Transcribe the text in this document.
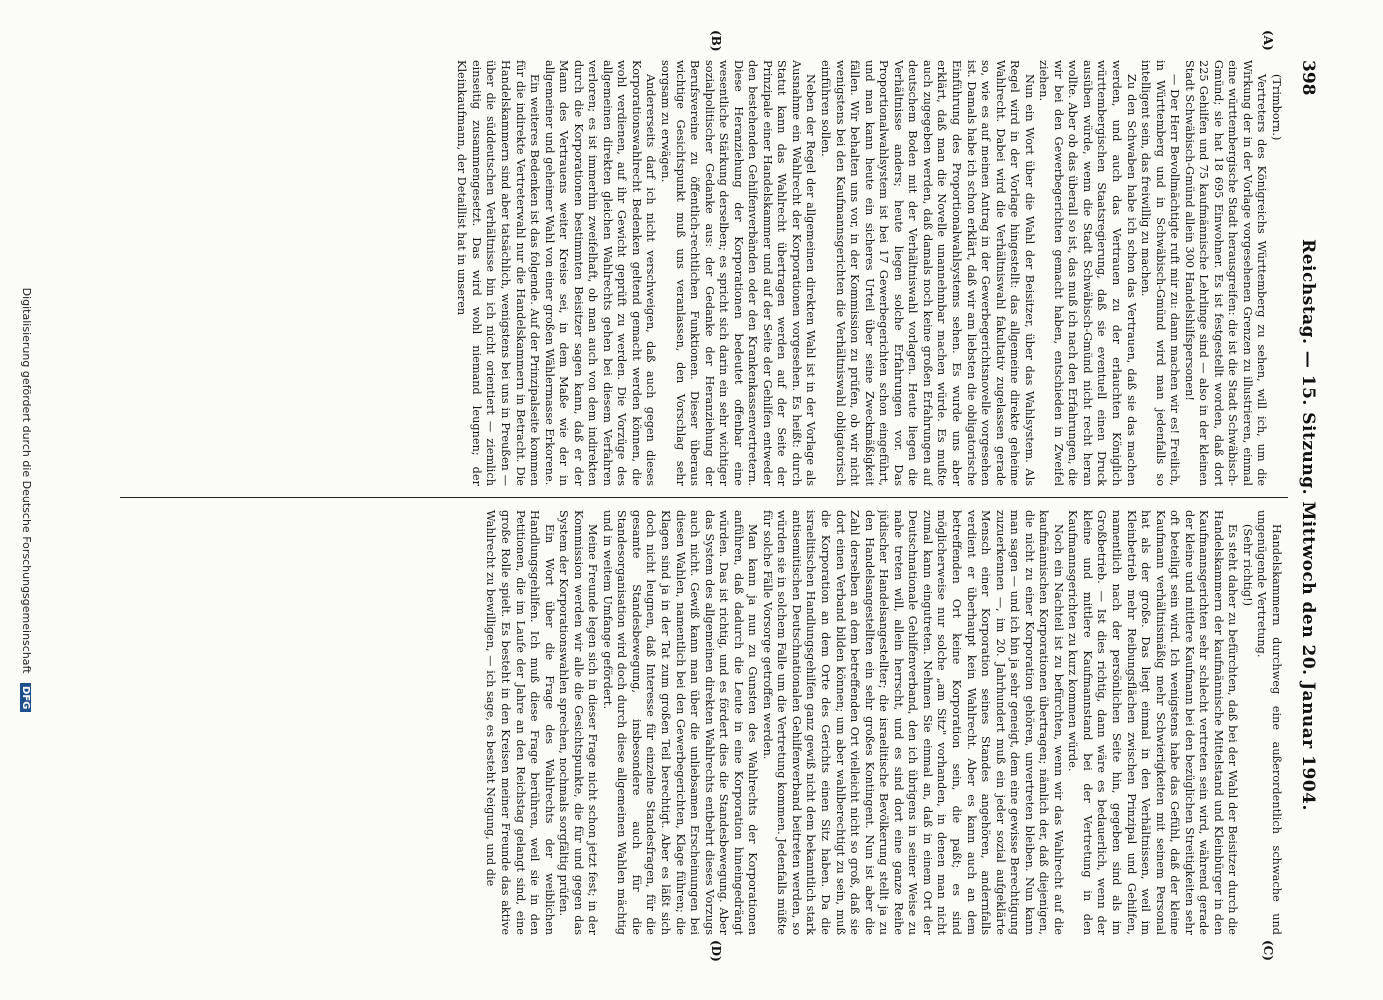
398
Reichstag. — 15. Sitzung. Mittwoch den 20. Januar 1904.

(Trimborn.)

Vertreters des Königreichs Württemberg zu sehen, will ich, um die Wirkung der in der Vorlage vorgesehenen Grenzen zu illustrieren, einmal eine württembergische Stadt herausgreifen: die ist die Stadt Schwäbisch-Gmünd; sie hat 18 695 Einwohner. Es ist festgestellt worden, daß dort 225 Gehilfen und 75 kaufmännische Lehrlinge sind — also in der kleinen Stadt Schwäbisch-Gmünd allein 300 Handelshilfspersonen!

— Der Herr Bevollmächtigte ruft mir zu: dann machen wir es! Freilich, in Württemberg und in Schwäbisch-Gmünd wird man jedenfalls so intelligent sein, das freiwillig zu machen.

Zu den Schwaben habe ich schon das Vertrauen, daß sie das machen werden, und auch das Vertrauen zu der erlauchten Königlich württembergischen Staatsregierung, daß sie eventuell einen Druck ausüben würde, wenn die Stadt Schwäbisch-Gmünd nicht recht heran wollte. Aber ob das überall so ist, das muß ich nach den Erfahrungen, die wir bei den Gewerbegerichten gemacht haben, entschieden in Zweifel ziehen.

Nun ein Wort über die Wahl der Beisitzer, über das Wahlsystem. Als Regel wird in der Vorlage hingestellt: das allgemeine direkte geheime Wahlrecht. Dabei wird die Verhältniswahl fakultativ zugelassen gerade so, wie es auf meinen Antrag in der Gewerbegerichtsnovelle vorgesehen ist. Damals habe ich schon erklärt, daß wir am liebsten die obligatorische Einführung des Proportionalwahlsystems sehen. Es wurde uns aber erklärt, daß man die Novelle unannehmbar machen würde. Es mußte auch zugegeben werden, daß damals noch keine großen Erfahrungen auf deutschem Boden mit der Verhältniswahl vorlagen. Heute liegen die Verhältnisse anders; heute liegen solche Erfahrungen vor. Das Proportionalwahlsystem ist bei 17 Gewerbegerichten schon eingeführt, und man kann heute ein sicheres Urteil über seine Zweckmäßigkeit fällen. Wir behalten uns vor, in der Kommission zu prüfen, ob wir nicht wenigstens bei den Kaufmannsgerichten die Verhältniswahl obligatorisch einführen sollen.

Neben der Regel der allgemeinen direkten Wahl ist in der Vorlage als Ausnahme ein Wahlrecht der Korporationen vorgesehen. Es heißt: durch Statut kann das Wahlrecht übertragen werden auf der Seite der Prinzipale einer Handelskammer und auf der Seite der Gehilfen entweder den bestehenden Gehilfenverbänden oder den Krankenkassenvertretern. Diese Heranziehung der Korporationen bedeutet offenbar eine wesentliche Stärkung derselben; es spricht sich darin ein sehr wichtiger sozialpolitischer Gedanke aus: der Gedanke der Heranziehung der Berufsvereine zu öffentlich-rechtlichen Funktionen. Dieser überaus wichtige Gesichtspunkt muß uns veranlassen, den Vorschlag sehr sorgsam zu erwägen.

Andererseits darf ich nicht verschweigen, daß auch gegen dieses Korporationswahlrecht Bedenken geltend gemacht werden können, die wohl verdienen, auf ihr Gewicht geprüft zu werden. Die Vorzüge des allgemeinen direkten gleichen Wahlrechts gehen bei diesem Verfahren verloren; es ist immerhin zweifelhaft, ob man auch von dem indirekten durch die Korporationen bestimmten Beisitzer sagen kann, daß er der Mann des Vertrauens weiter Kreise sei, in dem Maße wie der in allgemeiner und geheimer Wahl von einer großen Wählermasse Erkorene.

Ein weiteres Bedenken ist das folgende. Auf der Prinzipalseite kommen für die indirekte Vertreterwahl nur die Handelskammern in Betracht. Die Handelskammern sind aber tatsächlich, wenigstens bei uns in Preußen — über die süddeutschen Verhältnisse bin ich nicht orientiert — ziemlich einseitig zusammengesetzt. Das wird wohl niemand leugnen; der Kleinkaufmann, der Detaillist hat in unseren

Handelskammern durchweg eine außerordentlich schwache und ungenügende Vertretung.

(Sehr richtig!)

Es steht daher zu befürchten, daß bei der Wahl der Beisitzer durch die Handelskammern der kaufmännische Mittelstand und Kleinbürger in den Kaufmannsgerichten sehr schlecht vertreten sein wird, während gerade der kleine und mittlere Kaufmann bei den bezüglichen Streitigkeiten sehr oft beteiligt sein wird. Ich wenigstens habe das Gefühl, daß der kleine Kaufmann verhältnismäßig mehr Schwierigkeiten mit seinem Personal hat als der große. Das liegt einmal in den Verhältnissen, weil im Kleinbetrieb mehr Reibungsflächen zwischen Prinzipal und Gehilfen, namentlich nach der persönlichen Seite hin, gegeben sind als im Großbetrieb. — Ist dies richtig, dann wäre es bedauerlich, wenn der kleine und mittlere Kaufmannstand bei der Vertretung in den Kaufmannsgerichten zu kurz kommen würde.

Noch ein Nachteil ist zu befürchten, wenn wir das Wahlrecht auf die kaufmännischen Korporationen übertragen; nämlich der, daß diejenigen, die nicht zu einer Korporation gehören, unvertreten bleiben. Nun kann man sagen — und ich bin ja sehr geneigt, dem eine gewisse Berechtigung zuzuerkennen —, im 20. Jahrhundert muß ein jeder sozial aufgeklärte Mensch einer Korporation seines Standes angehören, andernfalls verdient er überhaupt kein Wahlrecht. Aber es kann auch an dem betreffenden Ort keine Korporation sein, die paßt; es sind möglicherweise nur solche „am Sitz" vorhanden, in denen man nicht zumal kann eingutreten. Nehmen Sie einmal an, daß in einem Ort der Deutschnationale Gehilfenverband, den ich übrigens in seiner Weise zu nahe treten will, allein herrscht, und es sind dort eine ganze Reihe jüdischer Handelsangestellter; die israelitische Bevölkerung stellt ja zu den Handelsangestellten ein sehr großes Kontingent. Nun ist aber die Zahl derselben an dem betreffenden Ort vielleicht nicht so groß, daß sie dort einen Verband bilden können; um aber wahlberechtigt zu sein, muß die Korporation an dem Orte des Gerichts einen Sitz haben. Da die israelitischen Handlungsgehilfen ganz gewiß nicht dem bekanntlich stark antisemitischen Deutschnationalen Gehilfenverband beitreten werden, so würden sie in solchem Falle um die Vertretung kommen. Jedenfalls müßte für solche Fälle Vorsorge getroffen werden.

Man kann ja nun zu Gunsten des Wahlrechts der Korporationen anführen, daß dadurch die Leute in eine Korporation hineingedrängt würden. Das ist richtig, und es fördert dies die Standesbewegung. Aber das System des allgemeinen direkten Wahlrechts entbehrt dieses Vorzugs auch nicht. Gewiß kann man über die unliebsamen Erscheinungen bei diesen Wahlen, namentlich bei den Gewerbegerichten, Klage führen; die Klagen sind ja in der Tat zum großen Teil berechtigt. Aber es läßt sich doch nicht leugnen, daß Interesse für einzelne Standesfragen, für die gesamte Standesbewegung, insbesondere auch für die Standesorganisation wird doch durch diese allgemeinen Wahlen mächtig und in weitem Umfange gefördert.

Meine Freunde legen sich in dieser Frage nicht schon jetzt fest; in der Kommission werden wir alle die Gesichtspunkte, die für und gegen das System der Korporationswahlen sprechen, nochmals sorgfältig prüfen.

Ein Wort über die Frage des Wahlrechts der weiblichen Handlungsgehilfen. Ich muß diese Frage berühren, weil sie in den Petitionen, die im Laufe der Jahre an den Reichstag gelangt sind, eine große Rolle spielt. Es besteht in den Kreisen meiner Freunde das aktive Wahlrecht zu bewilligen, — ich sage, es besteht Neigung, und die

(A)
(B)
(C)
(D)
Digitalisierung gefördert durch die Deutsche Forschungsgemeinschaft DFG
